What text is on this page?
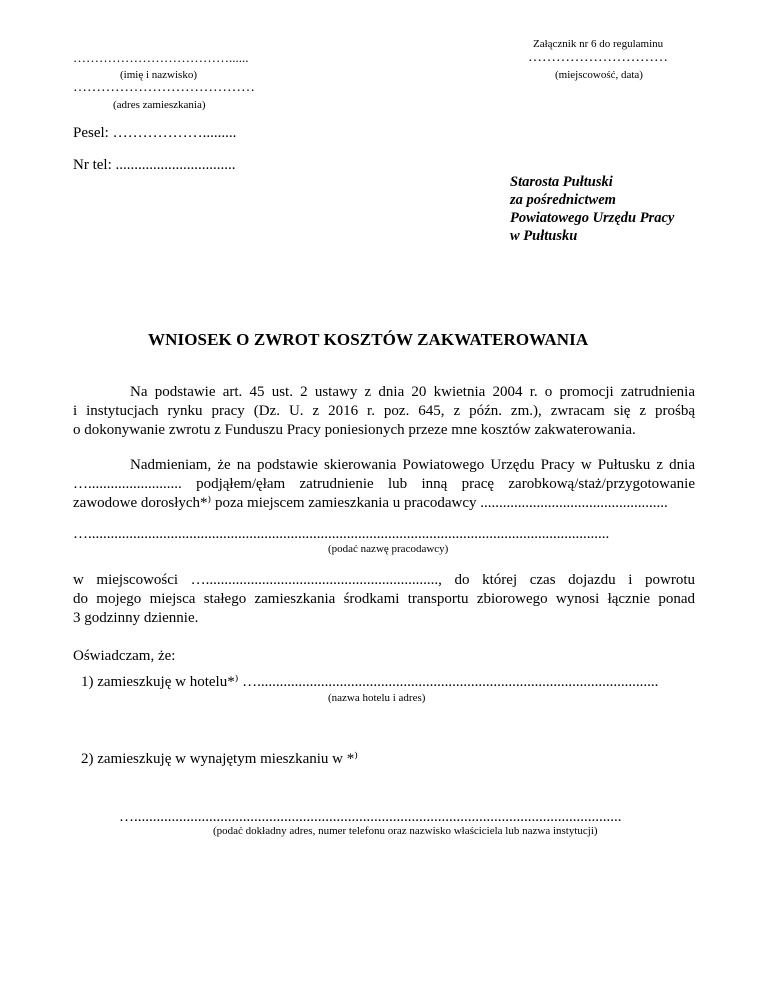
Załącznik nr 6 do regulaminu
………………………………......
(imię i nazwisko)
…………………………
(miejscowość, data)
…………………………………
(adres zamieszkania)
Pesel: ……………….........
Nr tel: ................................
Starosta Pułtuski
za pośrednictwem
Powiatowego Urzędu Pracy
w Pułtusku
WNIOSEK O ZWROT KOSZTÓW ZAKWATEROWANIA
Na podstawie art. 45 ust. 2 ustawy z dnia 20 kwietnia 2004 r. o promocji zatrudnienia
i instytucjach rynku pracy (Dz. U. z 2016 r. poz. 645, z późn. zm.), zwracam się z prośbą
o dokonywanie zwrotu z Funduszu Pracy poniesionych przeze mne kosztów zakwaterowania.
Nadmieniam, że na podstawie skierowania Powiatowego Urzędu Pracy w Pułtusku z dnia
…......................... podjąłem/ęłam zatrudnienie lub inną pracę zarobkową/staż/przygotowanie
zawodowe dorosłych*⁾ poza miejscem zamieszkania u pracodawcy ..................................................
…...........................................................................................................................................
(podać nazwę pracodawcy)
w miejscowości ….............................................................., do której czas dojazdu i powrotu
do mojego miejsca stałego zamieszkania środkami transportu zbiorowego wynosi łącznie ponad
3 godzinny dziennie.
Oświadczam, że:
1) zamieszkuję w hotelu*⁾ …...........................................................................................................
(nazwa hotelu i adres)
2) zamieszkuję w wynajętym mieszkaniu w *⁾
…..................................................................................................................................
(podać dokładny adres, numer telefonu oraz nazwisko właściciela lub nazwa instytucji)
